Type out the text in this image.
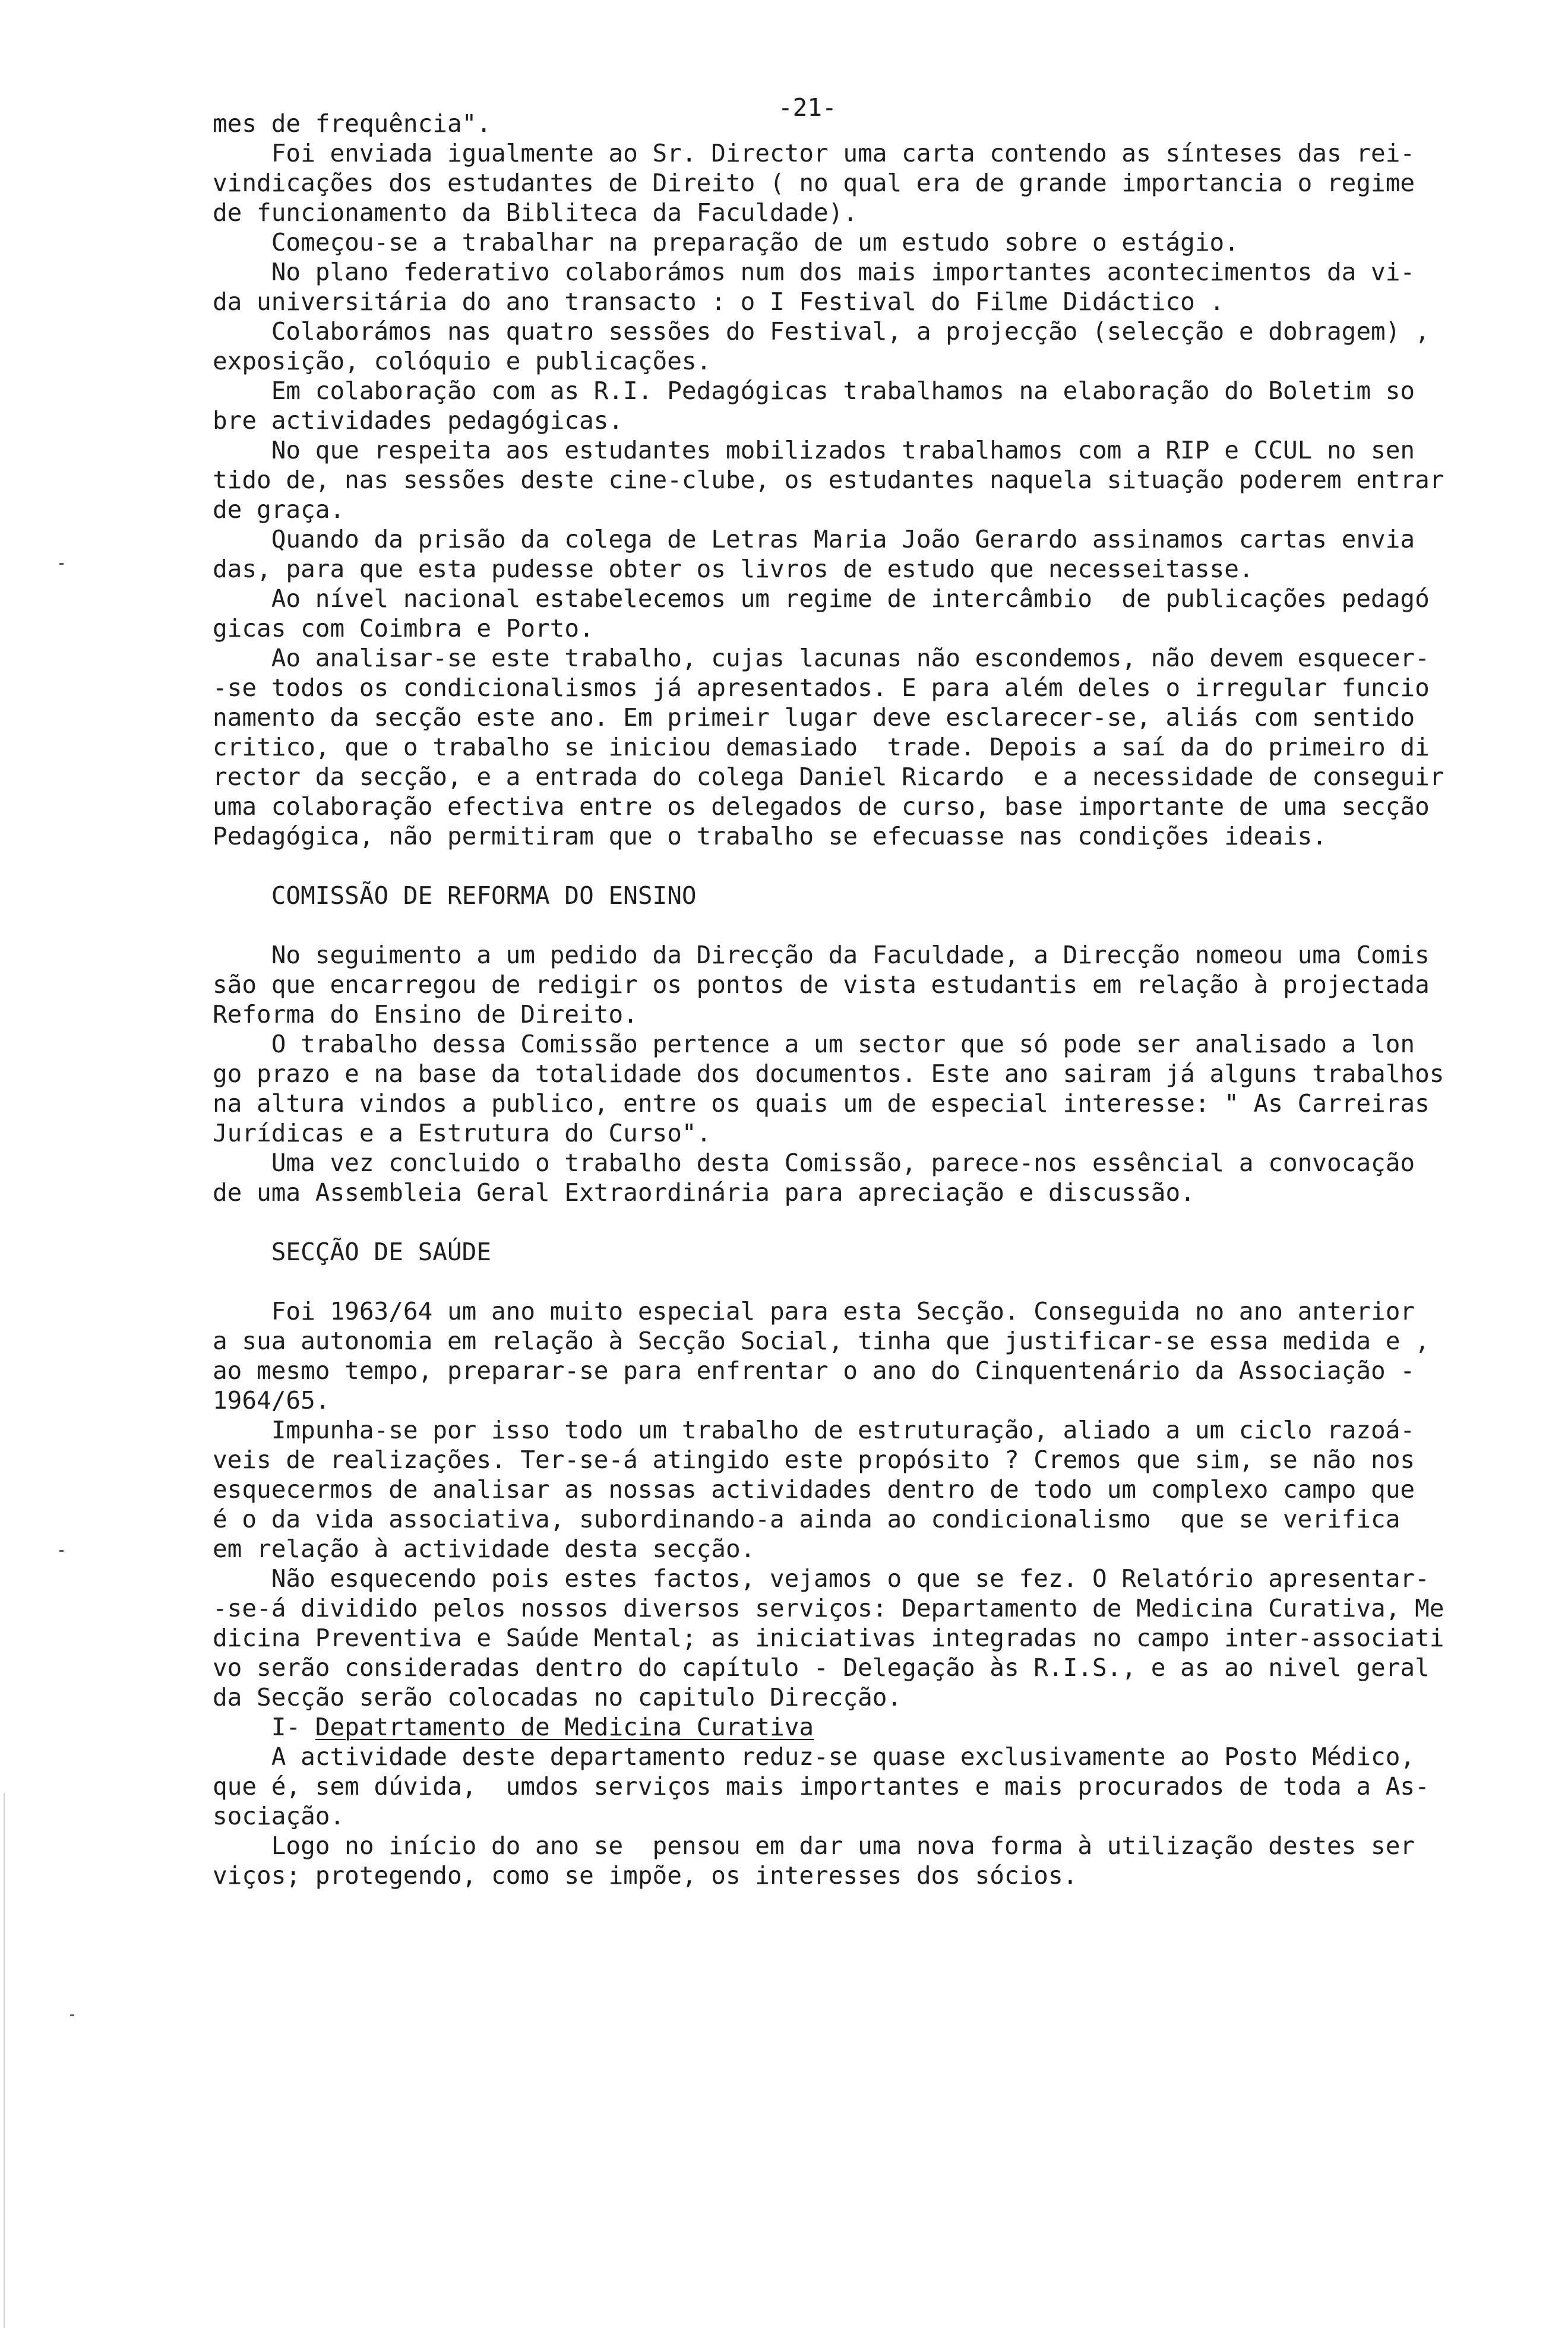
-21-
mes de frequência".
Foi enviada igualmente ao Sr. Director uma carta contendo as sínteses das rei-
vindicações dos estudantes de Direito ( no qual era de grande importancia o regime
de funcionamento da Bibliteca da Faculdade).
Começou-se a trabalhar na preparação de um estudo sobre o estágio.
No plano federativo colaborámos num dos mais importantes acontecimentos da vi-
da universitária do ano transacto : o I Festival do Filme Didáctico .
Colaborámos nas quatro sessões do Festival, a projecção (selecção e dobragem) ,
exposição, colóquio e publicações.
Em colaboração com as R.I. Pedagógicas trabalhamos na elaboração do Boletim so
bre actividades pedagógicas.
No que respeita aos estudantes mobilizados trabalhamos com a RIP e CCUL no sen
tido de, nas sessões deste cine-clube, os estudantes naquela situação poderem entrar
de graça.
Quando da prisão da colega de Letras Maria João Gerardo assinamos cartas envia
das, para que esta pudesse obter os livros de estudo que necesseitasse.
Ao nível nacional estabelecemos um regime de intercâmbio  de publicações pedagó
gicas com Coimbra e Porto.
Ao analisar-se este trabalho, cujas lacunas não escondemos, não devem esquecer-
-se todos os condicionalismos já apresentados. E para além deles o irregular funcio
namento da secção este ano. Em primeir lugar deve esclarecer-se, aliás com sentido
critico, que o trabalho se iniciou demasiado  trade. Depois a saí da do primeiro di
rector da secção, e a entrada do colega Daniel Ricardo  e a necessidade de conseguir
uma colaboração efectiva entre os delegados de curso, base importante de uma secção
Pedagógica, não permitiram que o trabalho se efecuasse nas condições ideais.
COMISSÃO DE REFORMA DO ENSINO
No seguimento a um pedido da Direcção da Faculdade, a Direcção nomeou uma Comis
são que encarregou de redigir os pontos de vista estudantis em relação à projectada
Reforma do Ensino de Direito.
O trabalho dessa Comissão pertence a um sector que só pode ser analisado a lon
go prazo e na base da totalidade dos documentos. Este ano sairam já alguns trabalhos
na altura vindos a publico, entre os quais um de especial interesse: " As Carreiras
Jurídicas e a Estrutura do Curso".
Uma vez concluido o trabalho desta Comissão, parece-nos essêncial a convocação
de uma Assembleia Geral Extraordinária para apreciação e discussão.
SECÇÃO DE SAÚDE
Foi 1963/64 um ano muito especial para esta Secção. Conseguida no ano anterior
a sua autonomia em relação à Secção Social, tinha que justificar-se essa medida e ,
ao mesmo tempo, preparar-se para enfrentar o ano do Cinquentenário da Associação -
1964/65.
Impunha-se por isso todo um trabalho de estruturação, aliado a um ciclo razoá-
veis de realizações. Ter-se-á atingido este propósito ? Cremos que sim, se não nos
esquecermos de analisar as nossas actividades dentro de todo um complexo campo que
é o da vida associativa, subordinando-a ainda ao condicionalismo  que se verifica
em relação à actividade desta secção.
Não esquecendo pois estes factos, vejamos o que se fez. O Relatório apresentar-
-se-á dividido pelos nossos diversos serviços: Departamento de Medicina Curativa, Me
dicina Preventiva e Saúde Mental; as iniciativas integradas no campo inter-associati
vo serão consideradas dentro do capítulo - Delegação às R.I.S., e as ao nivel geral
da Secção serão colocadas no capitulo Direcção.
I- Depatrtamento de Medicina Curativa
A actividade deste departamento reduz-se quase exclusivamente ao Posto Médico,
que é, sem dúvida,  umdos serviços mais importantes e mais procurados de toda a As-
sociação.
Logo no início do ano se  pensou em dar uma nova forma à utilização destes ser
viços; protegendo, como se impõe, os interesses dos sócios.
